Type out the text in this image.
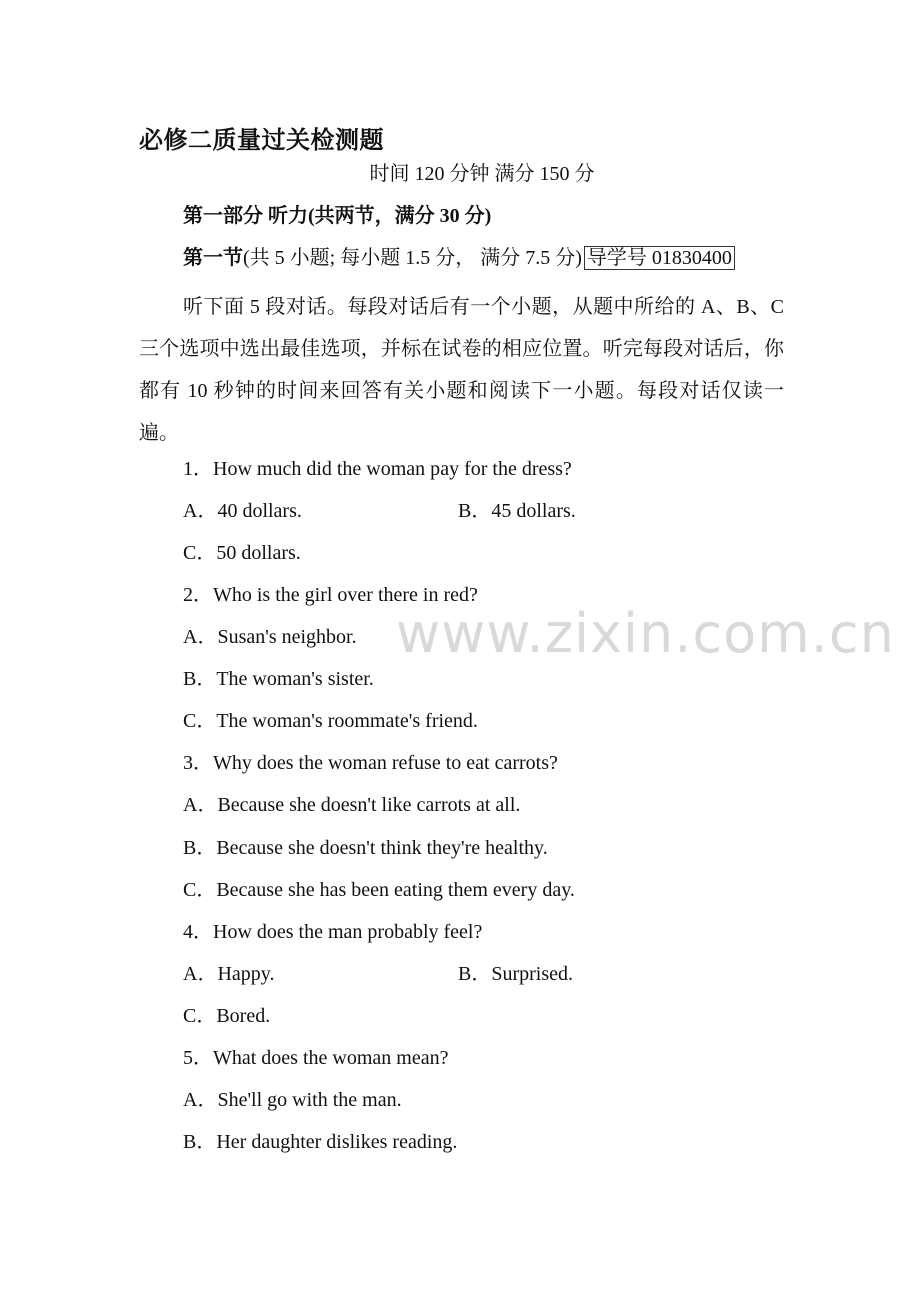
必修二质量过关检测题
时间 120 分钟 满分 150 分
第一部分 听力(共两节，满分 30 分)
第一节(共 5 小题; 每小题 1.5 分， 满分 7.5 分) 导学号 01830400
听下面 5 段对话。每段对话后有一个小题，从题中所给的 A、B、C 三个选项中选出最佳选项，并标在试卷的相应位置。听完每段对话后，你都有 10 秒钟的时间来回答有关小题和阅读下一小题。每段对话仅读一遍。
1．How much did the woman pay for the dress?
A．40 dollars.	B．45 dollars.
C．50 dollars.
2．Who is the girl over there in red?
A．Susan's neighbor.
B．The woman's sister.
C．The woman's roommate's friend.
3．Why does the woman refuse to eat carrots?
A．Because she doesn't like carrots at all.
B．Because she doesn't think they're healthy.
C．Because she has been eating them every day.
4．How does the man probably feel?
A．Happy.	B．Surprised.
C．Bored.
5．What does the woman mean?
A．She'll go with the man.
B．Her daughter dislikes reading.
www.zixin.com.cn
